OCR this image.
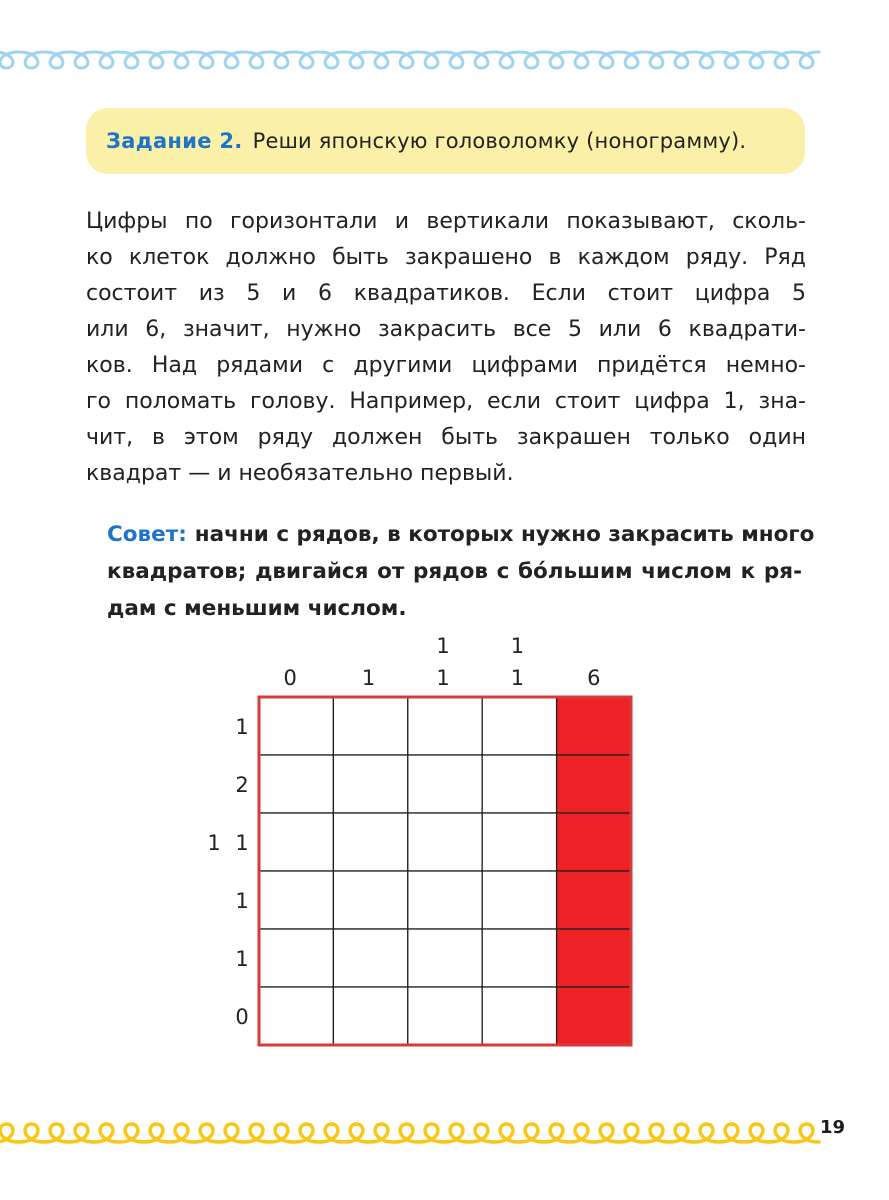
Задание 2. Реши японскую головоломку (нонограмму).
Цифры по горизонтали и вертикали показывают, сколь-
ко клеток должно быть закрашено в каждом ряду. Ряд
состоит из 5 и 6 квадратиков. Если стоит цифра 5
или 6, значит, нужно закрасить все 5 или 6 квадрати-
ков. Над рядами с другими цифрами придётся немно-
го поломать голову. Например, если стоит цифра 1, зна-
чит, в этом ряду должен быть закрашен только один
квадрат — и необязательно первый.
Совет: начни с рядов, в которых нужно закрасить много
квадратов; двигайся от рядов с бóльшим числом к ря-
дам с меньшим числом.
0	1
1
1
1
1	6
1
2
1 1
1
1
0
19
